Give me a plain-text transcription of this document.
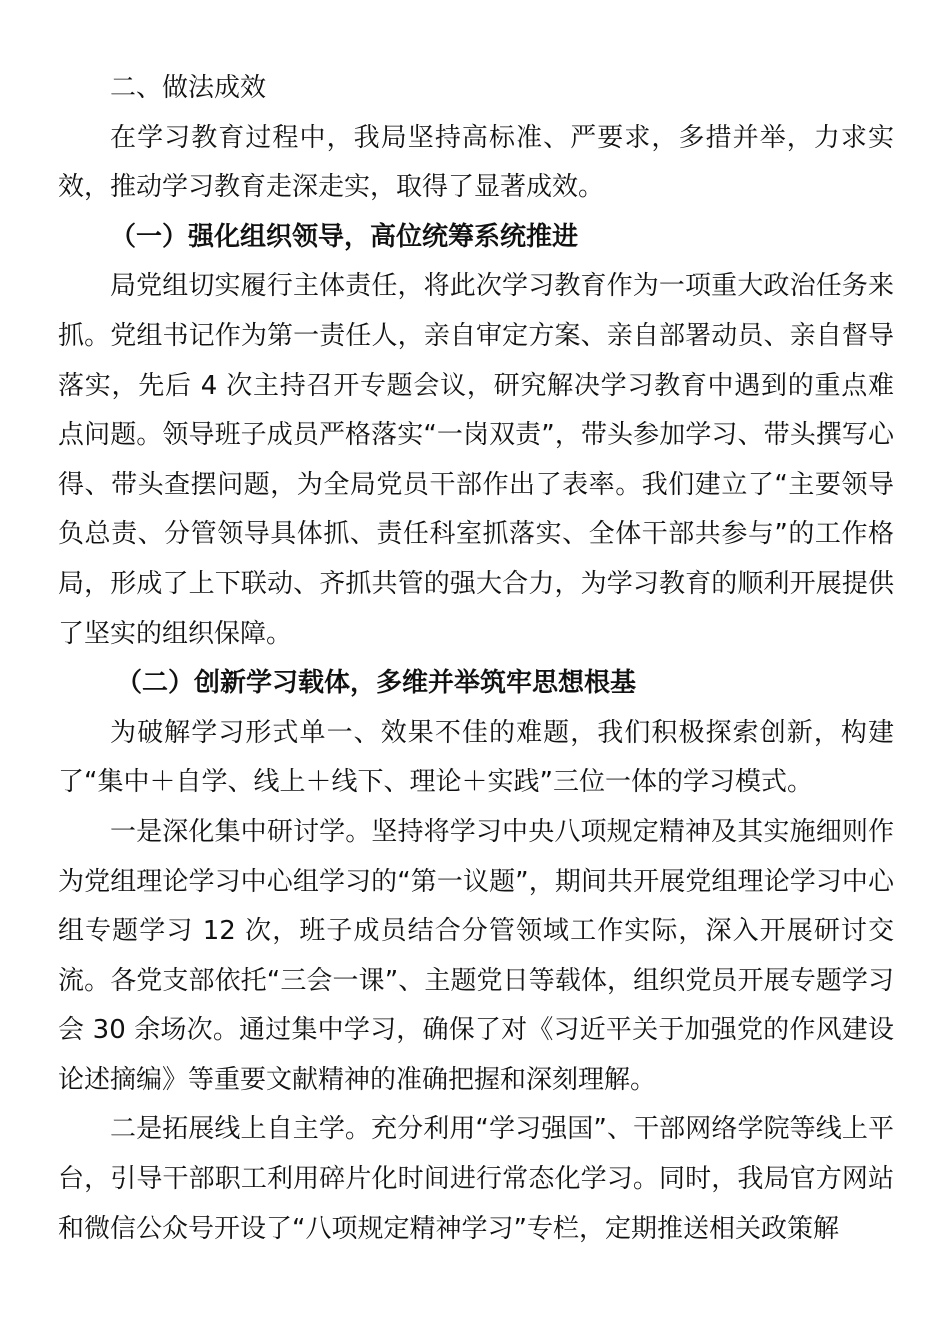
二、做法成效

在学习教育过程中，我局坚持高标准、严要求，多措并举，力求实效，推动学习教育走深走实，取得了显著成效。

（一）强化组织领导，高位统筹系统推进

局党组切实履行主体责任，将此次学习教育作为一项重大政治任务来抓。党组书记作为第一责任人，亲自审定方案、亲自部署动员、亲自督导落实，先后 4 次主持召开专题会议，研究解决学习教育中遇到的重点难点问题。领导班子成员严格落实“一岗双责”，带头参加学习、带头撰写心得、带头查摆问题，为全局党员干部作出了表率。我们建立了“主要领导负总责、分管领导具体抓、责任科室抓落实、全体干部共参与”的工作格局，形成了上下联动、齐抓共管的强大合力，为学习教育的顺利开展提供了坚实的组织保障。

（二）创新学习载体，多维并举筑牢思想根基

为破解学习形式单一、效果不佳的难题，我们积极探索创新，构建了“集中＋自学、线上＋线下、理论＋实践”三位一体的学习模式。

一是深化集中研讨学。坚持将学习中央八项规定精神及其实施细则作为党组理论学习中心组学习的“第一议题”，期间共开展党组理论学习中心组专题学习 12 次，班子成员结合分管领域工作实际，深入开展研讨交流。各党支部依托“三会一课”、主题党日等载体，组织党员开展专题学习会 30 余场次。通过集中学习，确保了对《习近平关于加强党的作风建设论述摘编》等重要文献精神的准确把握和深刻理解。

二是拓展线上自主学。充分利用“学习强国”、干部网络学院等线上平台，引导干部职工利用碎片化时间进行常态化学习。同时，我局官方网站和微信公众号开设了“八项规定精神学习”专栏，定期推送相关政策解
